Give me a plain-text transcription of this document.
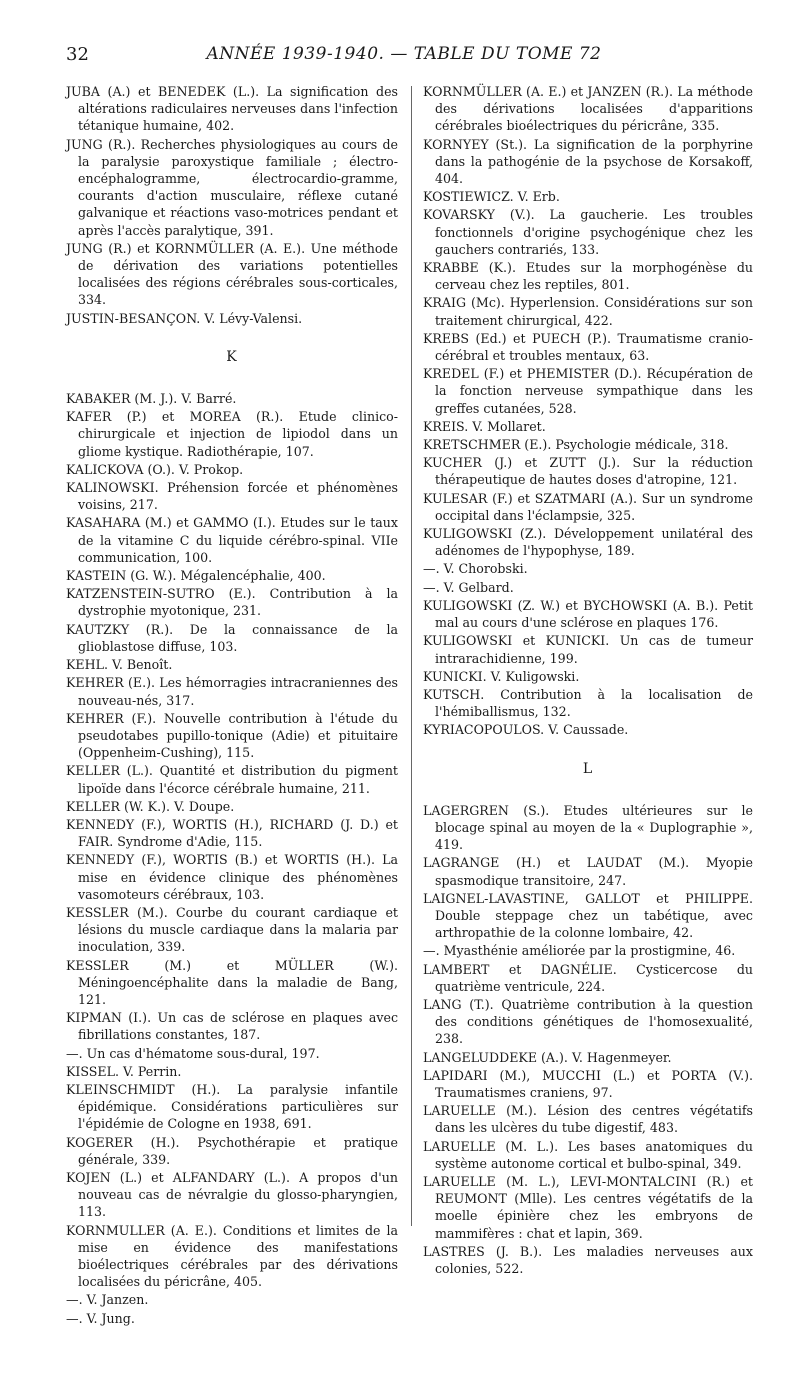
32	ANNÉE 1939-1940. — TABLE DU TOME 72
JUBA (A.) et BENEDEK (L.). La signification des altérations radiculaires nerveuses dans l'infection tétanique humaine, 402.
JUNG (R.). Recherches physiologiques au cours de la paralysie paroxystique familiale ; électro-encéphalogramme, électrocardio-gramme, courants d'action musculaire, réflexe cutané galvanique et réactions vaso-motrices pendant et après l'accès paralytique, 391.
JUNG (R.) et KORNMÜLLER (A. E.). Une méthode de dérivation des variations potentielles localisées des régions cérébrales sous-corticales, 334.
JUSTIN-BESANÇON. V. Lévy-Valensi.
K
KABAKER (M. J.). V. Barré.
KAFER (P.) et MOREA (R.). Etude clinico-chirurgicale et injection de lipiodol dans un gliome kystique. Radiothérapie, 107.
KALICKOVA (O.). V. Prokop.
KALINOWSKI. Préhension forcée et phénomènes voisins, 217.
KASAHARA (M.) et GAMMO (I.). Etudes sur le taux de la vitamine C du liquide cérébro-spinal. VIIe communication, 100.
KASTEIN (G. W.). Mégalencéphalie, 400.
KATZENSTEIN-SUTRO (E.). Contribution à la dystrophie myotonique, 231.
KAUTZKY (R.). De la connaissance de la glioblastose diffuse, 103.
KEHL. V. Benoît.
KEHRER (E.). Les hémorragies intracraniennes des nouveau-nés, 317.
KEHRER (F.). Nouvelle contribution à l'étude du pseudotabes pupillo-tonique (Adie) et pituitaire (Oppenheim-Cushing), 115.
KELLER (L.). Quantité et distribution du pigment lipoïde dans l'écorce cérébrale humaine, 211.
KELLER (W. K.). V. Doupe.
KENNEDY (F.), WORTIS (H.), RICHARD (J. D.) et FAIR. Syndrome d'Adie, 115.
KENNEDY (F.), WORTIS (B.) et WORTIS (H.). La mise en évidence clinique des phénomènes vasomoteurs cérébraux, 103.
KESSLER (M.). Courbe du courant cardiaque et lésions du muscle cardiaque dans la malaria par inoculation, 339.
KESSLER (M.) et MÜLLER (W.). Méningoencéphalite dans la maladie de Bang, 121.
KIPMAN (I.). Un cas de sclérose en plaques avec fibrillations constantes, 187.
—. Un cas d'hématome sous-dural, 197.
KISSEL. V. Perrin.
KLEINSCHMIDT (H.). La paralysie infantile épidémique. Considérations particulières sur l'épidémie de Cologne en 1938, 691.
KOGERER (H.). Psychothérapie et pratique générale, 339.
KOJEN (L.) et ALFANDARY (L.). A propos d'un nouveau cas de névralgie du glosso-pharyngien, 113.
KORNMULLER (A. E.). Conditions et limites de la mise en évidence des manifestations bioélectriques cérébrales par des dérivations localisées du péricrâne, 405.
—. V. Janzen.
—. V. Jung.
KORNMÜLLER (A. E.) et JANZEN (R.). La méthode des dérivations localisées d'apparitions cérébrales bioélectriques du péricrâne, 335.
KORNYEY (St.). La signification de la porphyrine dans la pathogénie de la psychose de Korsakoff, 404.
KOSTIEWICZ. V. Erb.
KOVARSKY (V.). La gaucherie. Les troubles fonctionnels d'origine psychogénique chez les gauchers contrariés, 133.
KRABBE (K.). Etudes sur la morphogénèse du cerveau chez les reptiles, 801.
KRAIG (Mc). Hyperlension. Considérations sur son traitement chirurgical, 422.
KREBS (Ed.) et PUECH (P.). Traumatisme cranio-cérébral et troubles mentaux, 63.
KREDEL (F.) et PHEMISTER (D.). Récupération de la fonction nerveuse sympathique dans les greffes cutanées, 528.
KREIS. V. Mollaret.
KRETSCHMER (E.). Psychologie médicale, 318.
KUCHER (J.) et ZUTT (J.). Sur la réduction thérapeutique de hautes doses d'atropine, 121.
KULESAR (F.) et SZATMARI (A.). Sur un syndrome occipital dans l'éclampsie, 325.
KULIGOWSKI (Z.). Développement unilatéral des adénomes de l'hypophyse, 189.
—. V. Chorobski.
—. V. Gelbard.
KULIGOWSKI (Z. W.) et BYCHOWSKI (A. B.). Petit mal au cours d'une sclérose en plaques 176.
KULIGOWSKI et KUNICKI. Un cas de tumeur intrarachidienne, 199.
KUNICKI. V. Kuligowski.
KUTSCH. Contribution à la localisation de l'hémiballismus, 132.
KYRIACOPOULOS. V. Caussade.
L
LAGERGREN (S.). Etudes ultérieures sur le blocage spinal au moyen de la « Duplographie », 419.
LAGRANGE (H.) et LAUDAT (M.). Myopie spasmodique transitoire, 247.
LAIGNEL-LAVASTINE, GALLOT et PHILIPPE. Double steppage chez un tabétique, avec arthropathie de la colonne lombaire, 42.
—. Myasthénie améliorée par la prostigmine, 46.
LAMBERT et DAGNÉLIE. Cysticercose du quatrième ventricule, 224.
LANG (T.). Quatrième contribution à la question des conditions génétiques de l'homosexualité, 238.
LANGELUDDEKE (A.). V. Hagenmeyer.
LAPIDARI (M.), MUCCHI (L.) et PORTA (V.). Traumatismes craniens, 97.
LARUELLE (M.). Lésion des centres végétatifs dans les ulcères du tube digestif, 483.
LARUELLE (M. L.). Les bases anatomiques du système autonome cortical et bulbo-spinal, 349.
LARUELLE (M. L.), LEVI-MONTALCINI (R.) et REUMONT (Mlle). Les centres végétatifs de la moelle épinière chez les embryons de mammifères : chat et lapin, 369.
LASTRES (J. B.). Les maladies nerveuses aux colonies, 522.
